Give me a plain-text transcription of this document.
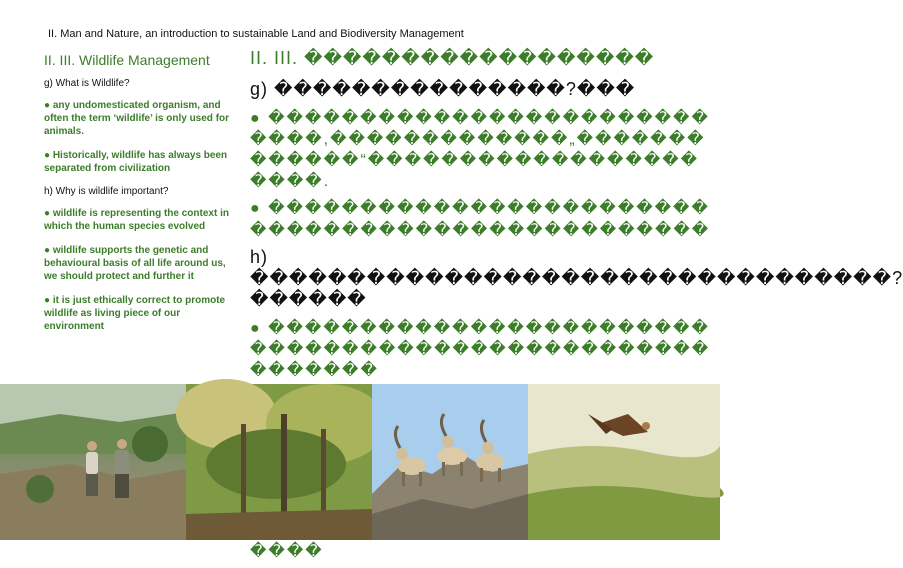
II. Man and Nature, an introduction to sustainable Land and Biodiversity Management
II. III. Wildlife Management
g) What is Wildlife?
● any undomesticated organism, and often the term ‘wildlife’ is only used for animals.
● Historically, wildlife has always been separated from civilization
h) Why is wildlife important?
● wildlife is representing the context in which the human species evolved
● wildlife supports the genetic and behavioural basis of all life around us, we should protect and further it
● it is just ethically correct to promote wildlife as living piece of our environment
II. III. ������������������
g) ���������������?���
● ����������������������������,�������������„�������������“����������������������.
● �������������������������������������������������
h) ���������������������������������?������
● ��������������������������������������������������������
����
